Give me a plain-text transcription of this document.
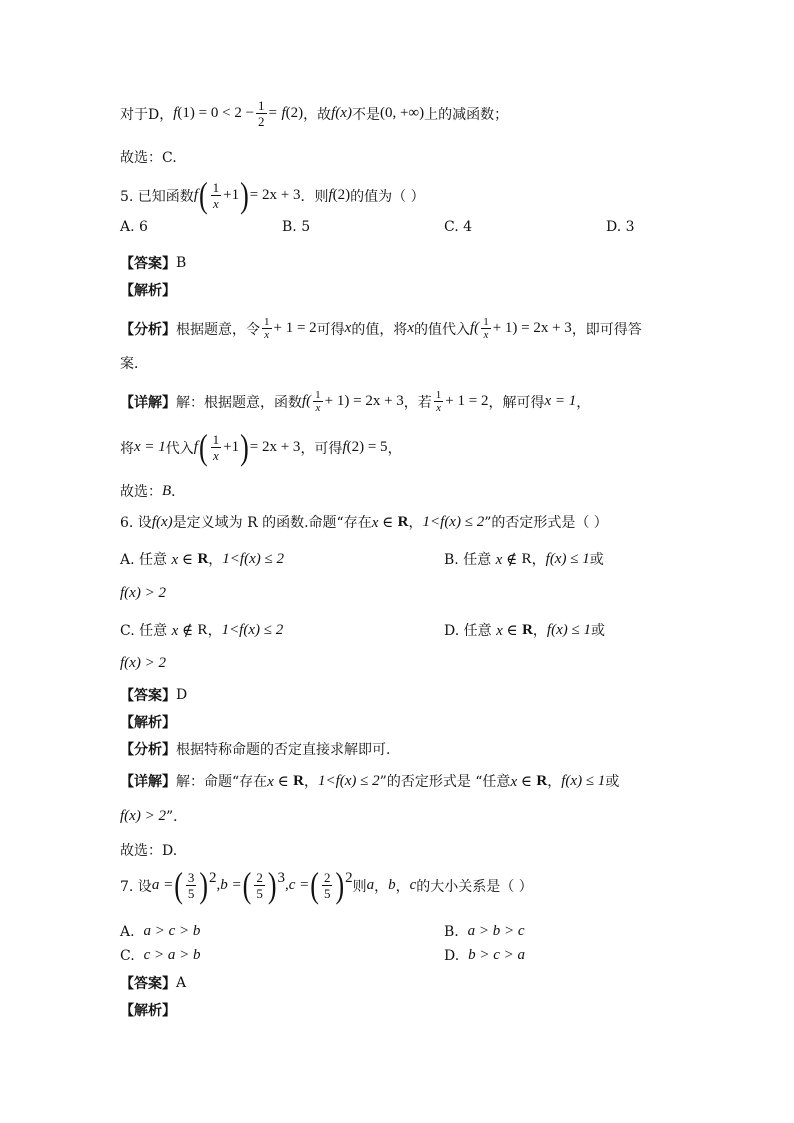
对于D， f $(1) = 0 < 2 - \frac{1}{2}$ =
f (2) ，故 f (x) 不是 (0, +∞) 上的减函数；
故选：C.
5. 已知函数 f ( $\frac{1}{x} +1$ ) = 2x + 3 ．则 f (2) 的值为（ ）
A. 6	B. 5	C. 4	D. 3
【答案】 B
【解析】
【分析】 根据题意，令 $\frac{1}{x} + 1 = 2$ 可得 x 的值，将 x 的值代入 $f( \frac{1}{x} + 1) = 2x + 3$ ，即可得答
案．
【详解】 解：根据题意，函数 $f( \frac{1}{x} + 1) = 2x + 3$ ，若 $\frac{1}{x} + 1 = 2$ ，解可得 x = 1 ，
将 x = 1 代入 f ( $\frac{1}{x} +1$ ) = 2x + 3 ，可得 f (2) = 5 ，
故选： B ．
6. 设 f (x) 是定义域为 R 的函数.命题“存在 x ∈
R ， 1<f (x) ≤ 2 ”的否定形式是（ ）
A. 任意
x ∈
R ， 1<f (x) ≤ 2	B. 任意
x ∉
R ， f (x) ≤ 1 或
f (x) > 2
C. 任意
x ∉
R ， 1<f (x) ≤ 2	D. 任意
x ∈
R ， f (x) ≤ 1 或
f (x) > 2
【答案】 D
【解析】
【分析】 根据特称命题的否定直接求解即可.
【详解】 解：命题“存在 x ∈
R ， 1<f (x) ≤ 2 ”的否定形式是 “任意 x ∈
R ， f (x) ≤ 1 或
f (x) > 2 ”．
故选：D.
7. 设 a = ( $\frac{3}{5}$ ) 2 , b = ( $\frac{2}{5}$ ) 3 , c = ( $\frac{2}{5}$ ) 2
则 a ， b ， c 的大小关系是（ ）
A.
a > c > b	B.
a > b > c
C.
c > a > b	D.
b > c > a
【答案】 A
【解析】
